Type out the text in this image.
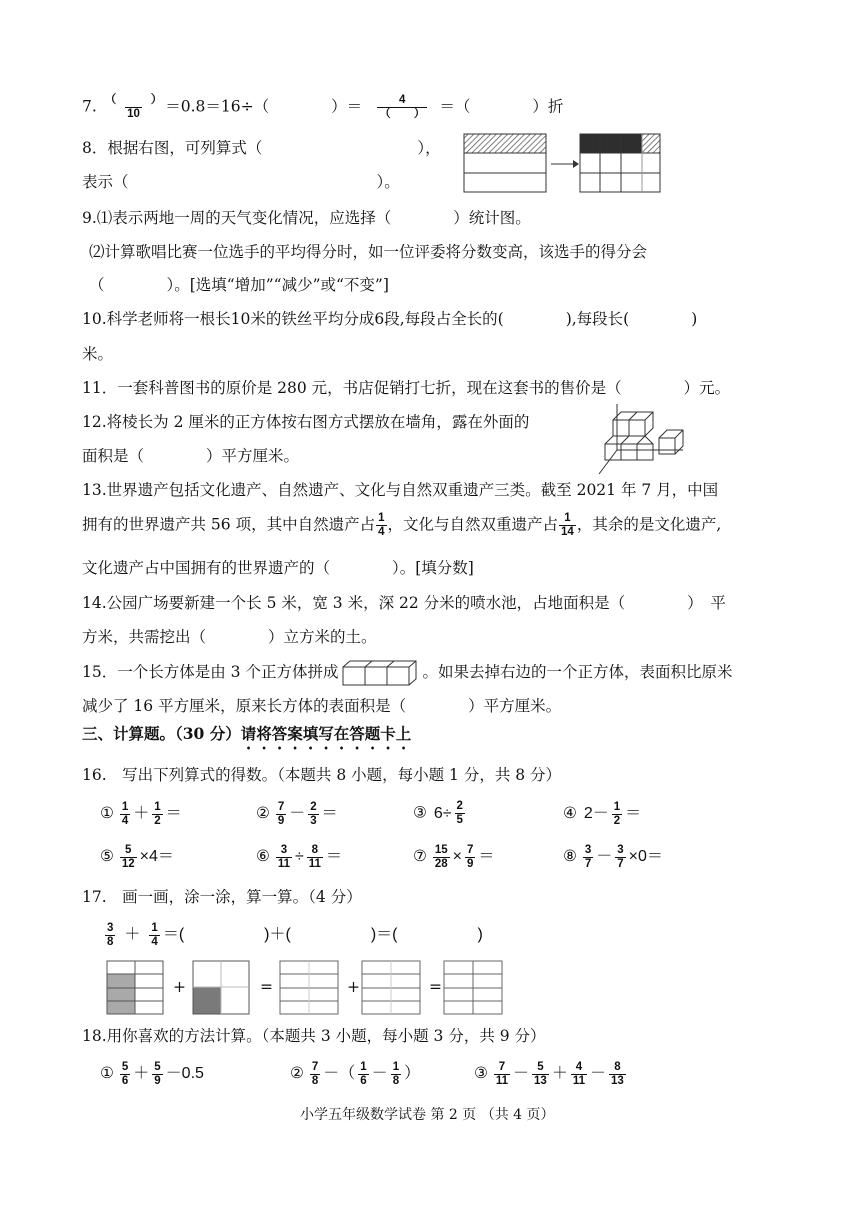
7. $\frac{( )}{10} =0.8=16\div$（　　　　）＝ $\frac{4}{( )}$ ＝（　　　　）折
8．根据右图，可列算式（　　　　　　　　　　），
表示（　　　　　　　　　　　　　　　　）。
9.⑴表示两地一周的天气变化情况，应选择（　　　　）统计图。
⑵计算歌唱比赛一位选手的平均得分时，如一位评委将分数变高，该选手的得分会
（　　　　）。[选填“增加”“减少”或“不变”]
10.科学老师将一根长10米的铁丝平均分成6段,每段占全长的(　　　　),每段长(　　　　)
米。
11．一套科普图书的原价是 280 元，书店促销打七折，现在这套书的售价是（　　　　）元。
12.将棱长为 2 厘米的正方体按右图方式摆放在墙角，露在外面的
面积是（　　　　）平方厘米。
13.世界遗产包括文化遗产、自然遗产、文化与自然双重遗产三类。截至 2021 年 7 月，中国
拥有的世界遗产共 56 项，其中自然遗产占 $\frac{1}{4}$ ，文化与自然双重遗产占 $\frac{1}{14}$ ，其余的是文化遗产,
文化遗产占中国拥有的世界遗产的（　　　　）。[填分数]
14.公园广场要新建一个长 5 米，宽 3 米，深 22 分米的喷水池，占地面积是（　　　　）　平
方米，共需挖出（　　　　）立方米的土。
15．一个长方体是由 3 个正方体拼成	。如果去掉右边的一个正方体，表面积比原米
减少了 16 平方厘米，原来长方体的表面积是（　　　　）平方厘米。
三、计算题。（30 分）请将答案填写在答题卡上
16.　写出下列算式的得数。（本题共 8 小题，每小题 1 分，共 8 分）
① $\frac{1}{4} + \frac{1}{2}$ ＝	② $\frac{7}{9} - \frac{2}{3}$ ＝	③ $6\div \frac{2}{5}$	④ $2- \frac{1}{2}$ ＝
⑤ $\frac{5}{12} \times 4=$	⑥ $\frac{3}{11} \div \frac{8}{11}$ ＝	⑦ $\frac{15}{28} \times \frac{7}{9}$ ＝	⑧ $\frac{3}{7} - \frac{3}{7} \times 0=$
17.　画一画，涂一涂，算一算。（4 分）
$\frac{3}{8} + \frac{1}{4}$ ＝(　　　　　)＋(　　　　　)＝(　　　　　)
+	=	+	=
18.用你喜欢的方法计算。（本题共 3 小题，每小题 3 分，共 9 分）
① $\frac{5}{6} + \frac{5}{9} -0.5$	② $\frac{7}{8}$ －（ $\frac{1}{6} - \frac{1}{8}$ ）	③ $\frac{7}{11} - \frac{5}{13} + \frac{4}{11} - \frac{8}{13}$
小学五年级数学试卷 第 2 页 （共 4 页）
